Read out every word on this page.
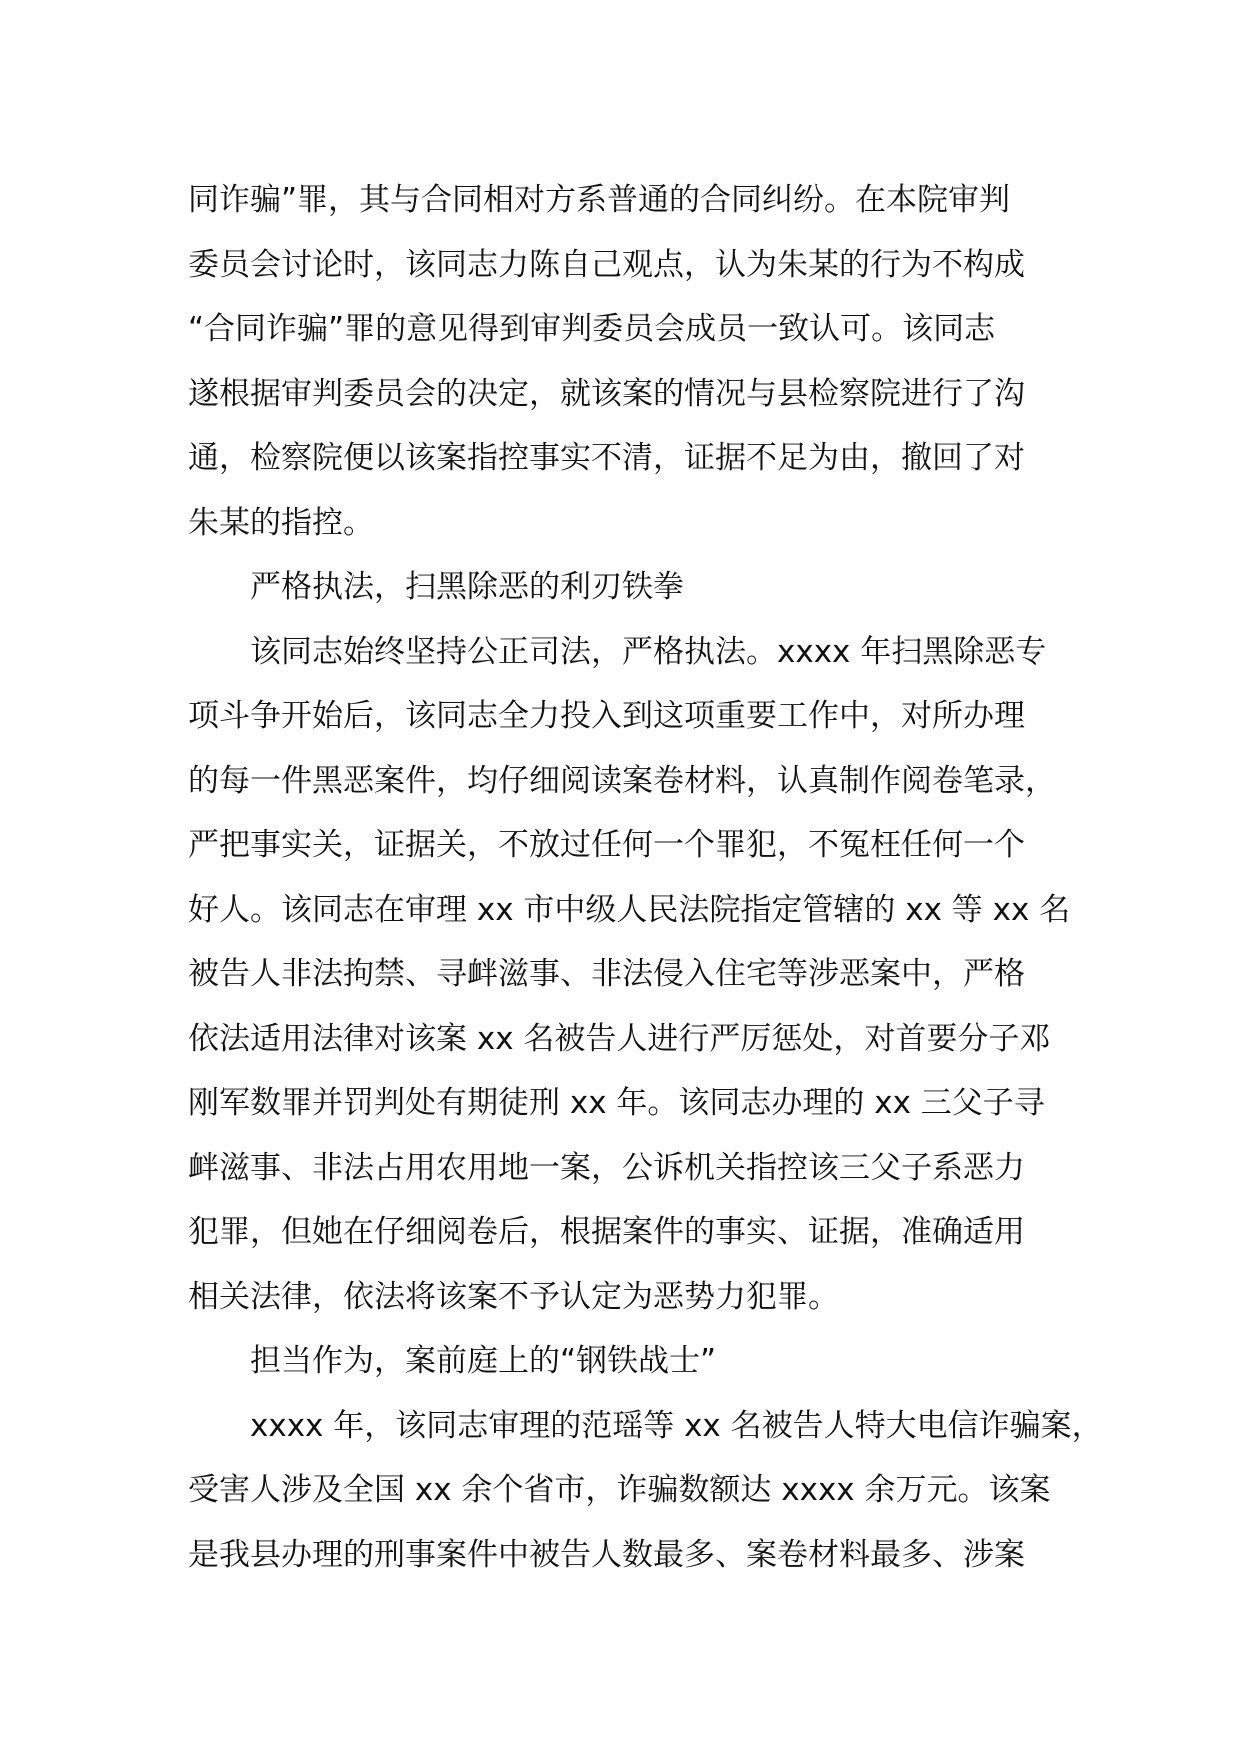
同诈骗”罪，其与合同相对方系普通的合同纠纷。在本院审判
委员会讨论时，该同志力陈自己观点，认为朱某的行为不构成
“合同诈骗”罪的意见得到审判委员会成员一致认可。该同志
遂根据审判委员会的决定，就该案的情况与县检察院进行了沟
通，检察院便以该案指控事实不清，证据不足为由，撤回了对
朱某的指控。
严格执法，扫黑除恶的利刃铁拳
该同志始终坚持公正司法，严格执法。xxxx 年扫黑除恶专
项斗争开始后，该同志全力投入到这项重要工作中，对所办理
的每一件黑恶案件，均仔细阅读案卷材料，认真制作阅卷笔录，
严把事实关，证据关，不放过任何一个罪犯，不冤枉任何一个
好人。该同志在审理 xx 市中级人民法院指定管辖的 xx 等 xx 名
被告人非法拘禁、寻衅滋事、非法侵入住宅等涉恶案中，严格
依法适用法律对该案 xx 名被告人进行严厉惩处，对首要分子邓
刚军数罪并罚判处有期徒刑 xx 年。该同志办理的 xx 三父子寻
衅滋事、非法占用农用地一案，公诉机关指控该三父子系恶力
犯罪，但她在仔细阅卷后，根据案件的事实、证据，准确适用
相关法律，依法将该案不予认定为恶势力犯罪。
担当作为，案前庭上的“钢铁战士”
xxxx 年，该同志审理的范瑶等 xx 名被告人特大电信诈骗案，
受害人涉及全国 xx 余个省市，诈骗数额达 xxxx 余万元。该案
是我县办理的刑事案件中被告人数最多、案卷材料最多、涉案
